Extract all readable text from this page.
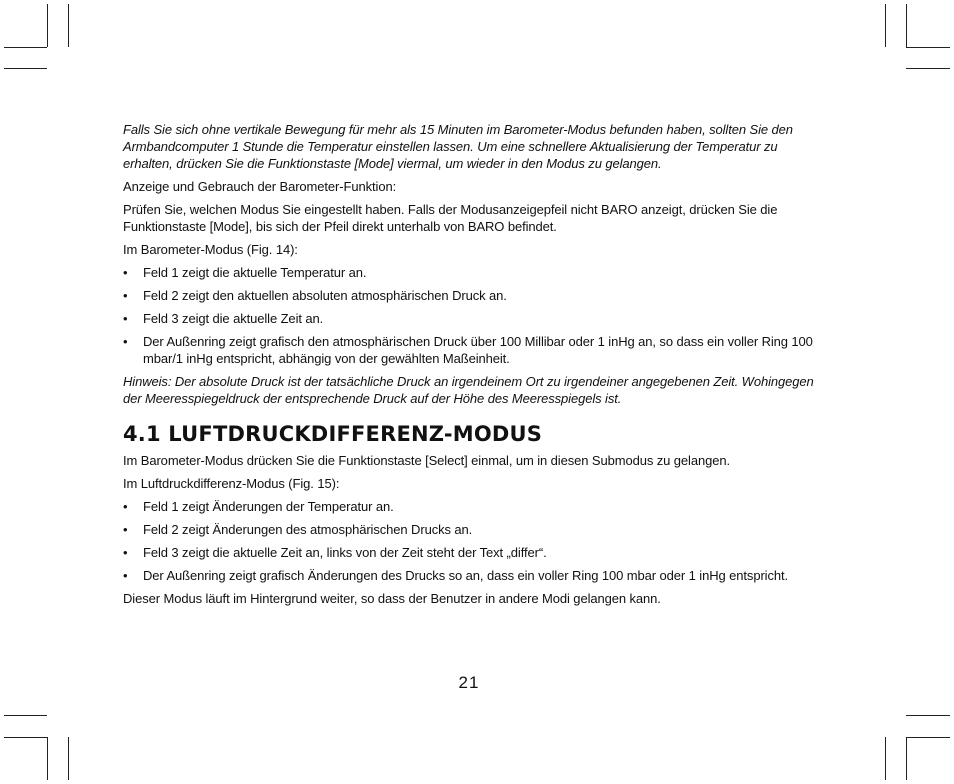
Falls Sie sich ohne vertikale Bewegung für mehr als 15 Minuten im Barometer-Modus befunden haben, sollten Sie den Armbandcomputer 1 Stunde die Temperatur einstellen lassen. Um eine schnellere Aktualisierung der Temperatur zu erhalten, drücken Sie die Funktionstaste [Mode] viermal, um wieder in den Modus zu gelangen.

Anzeige und Gebrauch der Barometer-Funktion:

Prüfen Sie, welchen Modus Sie eingestellt haben. Falls der Modusanzeigepfeil nicht BARO anzeigt, drücken Sie die Funktionstaste [Mode], bis sich der Pfeil direkt unterhalb von BARO befindet.

Im Barometer-Modus (Fig. 14):

• Feld 1 zeigt die aktuelle Temperatur an.
• Feld 2 zeigt den aktuellen absoluten atmosphärischen Druck an.
• Feld 3 zeigt die aktuelle Zeit an.
• Der Außenring zeigt grafisch den atmosphärischen Druck über 100 Millibar oder 1 inHg an, so dass ein voller Ring 100 mbar/1 inHg entspricht, abhängig von der gewählten Maßeinheit.

Hinweis: Der absolute Druck ist der tatsächliche Druck an irgendeinem Ort zu irgendeiner angegebenen Zeit. Wohingegen der Meeresspiegeldruck der entsprechende Druck auf der Höhe des Meeresspiegels ist.

4.1 LUFTDRUCKDIFFERENZ-MODUS

Im Barometer-Modus drücken Sie die Funktionstaste [Select] einmal, um in diesen Submodus zu gelangen.

Im Luftdruckdifferenz-Modus (Fig. 15):

• Feld 1 zeigt Änderungen der Temperatur an.
• Feld 2 zeigt Änderungen des atmosphärischen Drucks an.
• Feld 3 zeigt die aktuelle Zeit an, links von der Zeit steht der Text „differ“.
• Der Außenring zeigt grafisch Änderungen des Drucks so an, dass ein voller Ring 100 mbar oder 1 inHg entspricht.

Dieser Modus läuft im Hintergrund weiter, so dass der Benutzer in andere Modi gelangen kann.

21
